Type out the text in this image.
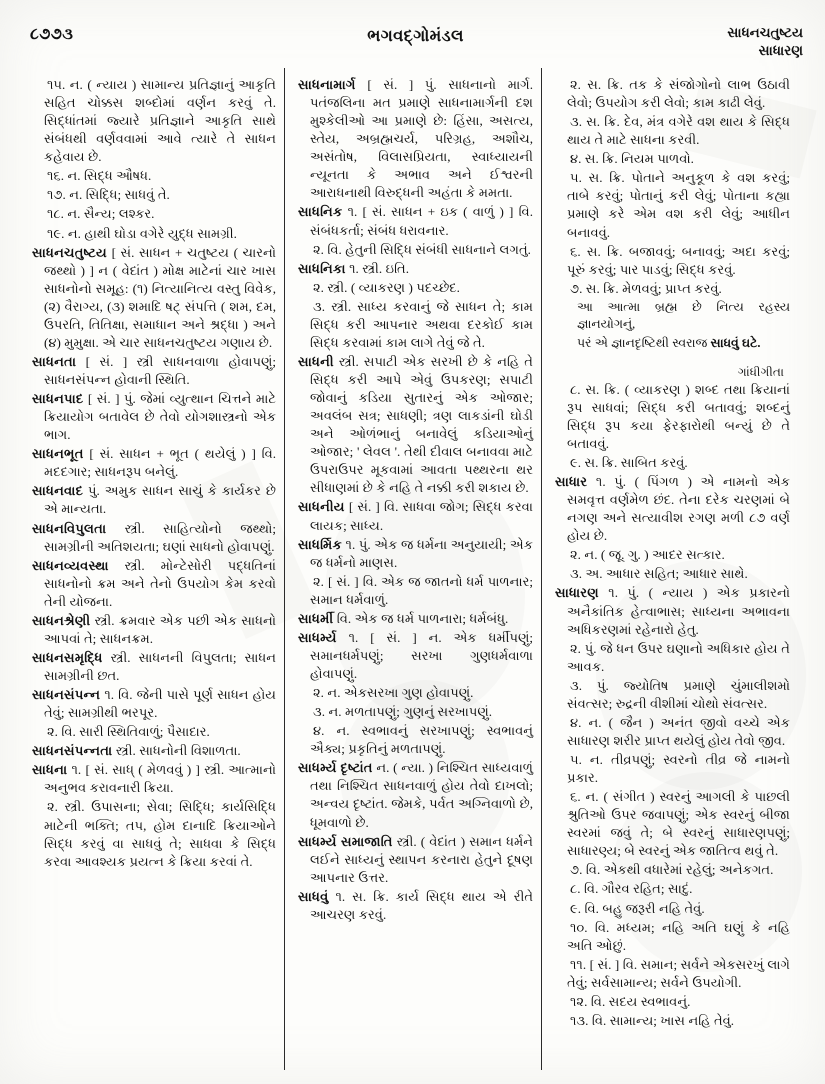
૮૭૭૩	ભગવદ્ગોમંડલ	સાધનચતુષ્ટય
સાધારણ

૧૫. ન. ( ન્યાય ) સામાન્ય પ્રતિજ્ઞાનું આકૃતિ સહિત ચોક્કસ શબ્દોમાં વર્ણન કરવું તે. સિદ્ધાંતમાં જ્યારે પ્રતિજ્ઞાને આકૃતિ સાથે સંબંધથી વર્ણવવામાં આવે ત્યારે તે સાધન કહેવાય છે.

૧૬. ન. સિદ્ધ ઔષધ.

૧૭. ન. સિદ્ધિ; સાધવું તે.

૧૮. ન. સૈન્ય; લશ્કર.

૧૯. ન. હાથી ઘોડા વગેરે યુદ્ધ સામગ્રી.

સાધનચતુષ્ટય [ સં. સાધન + ચતુષ્ટય ( ચારનો જથ્થો ) ] ન ( વેદાંત ) મોક્ષ માટેનાં ચાર ખાસ સાધનોનો સમૂહ: (૧) નિત્યાનિત્ય વસ્તુ વિવેક, (૨) વૈરાગ્ય, (૩) શમાદિ ષટ્ સંપત્તિ ( શમ, દમ, ઉપરતિ, તિતિક્ષા, સમાધાન અને શ્રદ્ધા ) અને (૪) મુમુક્ષા. એ ચાર સાધનચતુષ્ટય ગણાય છે.

સાધનતા [ સં. ] સ્ત્રી સાધનવાળા હોવાપણું; સાધનસંપન્ન હોવાની સ્થિતિ.

સાધનપાદ [ સં. ] પું. જેમાં વ્યુત્થાન ચિત્તને માટે ક્રિયાયોગ બતાવેલ છે તેવો યોગશાસ્ત્રનો એક ભાગ.

સાધનભૂત [ સં. સાધન + ભૂત ( થયેલું ) ] વિ. મદદગાર; સાધનરૂપ બનેલું.

સાધનવાદ પું. અમુક સાધન સાચું કે કાર્યકર છે એ માન્યતા.

સાધનવિપુલતા સ્ત્રી. સાહિત્યોનો જથ્થો; સામગ્રીની અતિશયતા; ઘણાં સાધનો હોવાપણું.

સાધનવ્યવસ્થા સ્ત્રી. મોન્ટેસોરી પદ્ધતિનાં સાધનોનો ક્રમ અને તેનો ઉપયોગ કેમ કરવો તેની યોજના.

સાધનશ્રેણી સ્ત્રી. ક્રમવાર એક પછી એક સાધનો આપવાં તે; સાધનક્રમ.

સાધનસમૃદ્ધિ સ્ત્રી. સાધનની વિપુલતા; સાધન સામગ્રીની છત.

સાધનસંપન્ન ૧. વિ. જેની પાસે પૂર્ણ સાધન હોય તેવું; સામગ્રીથી ભરપૂર.

૨. વિ. સારી સ્થિતિવાળું; પૈસાદાર.

સાધનસંપન્નતા સ્ત્રી. સાધનોની વિશાળતા.

સાધના ૧. [ સં. સાધ્ ( મેળવવું ) ] સ્ત્રી. આત્માનો અનુભવ કરાવનારી ક્રિયા.

૨. સ્ત્રી. ઉપાસના; સેવા; સિદ્ધિ; કાર્યસિદ્ધિ માટેની ભક્તિ; તપ, હોમ દાનાદિ ક્રિયાઓને સિદ્ધ કરવું વા સાધવું તે; સાધવા કે સિદ્ધ કરવા આવશ્યક પ્રયત્ન કે ક્રિયા કરવાં તે.

સાધનામાર્ગ [ સં. ] પું. સાધનાનો માર્ગ. પતંજલિના મત પ્રમાણે સાધનામાર્ગની દશ મુશ્કેલીઓ આ પ્રમાણે છે: હિંસા, અસત્ય, સ્તેય, અબ્રહ્મચર્ય, પરિગ્રહ, અશૌચ, અસંતોષ, વિલાસપ્રિયતા, સ્વાધ્યાયની ન્યૂનતા કે અભાવ અને ઈશ્વરની આરાધનાથી વિરુદ્ધની અહંતા કે મમતા.

સાધનિક ૧. [ સં. સાધન + ઇક ( વાળું ) ] વિ. સંબંધકર્તા; સંબંધ ધરાવનાર.

૨. વિ. હેતુની સિદ્ધિ સંબંધી સાધનાને લગતું.

સાધનિકા ૧. સ્ત્રી. ઇતિ.

૨. સ્ત્રી. ( વ્યાકરણ ) પદચ્છેદ.

૩. સ્ત્રી. સાધ્ય કરવાનું જે સાધન તે; કામ સિદ્ધ કરી આપનાર અથવા દરકોઈ કામ સિદ્ધ કરવામાં કામ લાગે તેવું જે તે.

સાધની સ્ત્રી. સપાટી એક સરખી છે કે નહિ તે સિદ્ધ કરી આપે એવું ઉપકરણ; સપાટી જોવાનું કડિયા સુતારનું એક ઓજાર; અવલંબ સત્ર; સાધણી; ત્રણ લાકડાંની ઘોડી અને ઓળંભાનું બનાવેલું કડિયાઓનું ઓજાર; ' લેવલ '. તેથી દીવાલ બનાવવા માટે ઉપરાઉપર મૂકવામાં આવતા પથ્થરના થર સીધાણમાં છે કે નહિ તે નક્કી કરી શકાય છે.

સાધનીય [ સં. ] વિ. સાધવા જોગ; સિદ્ધ કરવા લાયક; સાધ્ય.

સાધર્મિક ૧. પું. એક જ ધર્મના અનુયાયી; એક જ ધર્મનો માણસ.

૨. [ સં. ] વિ. એક જ જાતનો ધર્મ પાળનાર; સમાન ધર્મવાળું.

સાધર્મી વિ. એક જ ધર્મ પાળનારા; ધર્મબંધુ.

સાધર્મ્ય ૧. [ સં. ] ન. એક ધર્મીપણું; સમાનધર્મપણું; સરખા ગુણધર્મવાળા હોવાપણું.

૨. ન. એકસરખા ગુણ હોવાપણું.

૩. ન. મળતાપણું; ગુણનું સરખાપણું.

૪. ન. સ્વભાવનું સરખાપણું; સ્વભાવનું ઐક્ય; પ્રકૃતિનું મળતાપણું.

સાધર્મ્ય દૃષ્ટાંત ન. ( ન્યા. ) નિશ્ચિત સાધ્યવાળું તથા નિશ્ચિત સાધનવાળું હોય તેવો દાખલો; અન્વય દૃષ્ટાંત. જેમકે, પર્વત અગ્નિવાળો છે, ધૂમવાળો છે.

સાધર્મ્ય સમાજાતિ સ્ત્રી. ( વેદાંત ) સમાન ધર્મને લઈને સાધ્યનું સ્થાપન કરનારા હેતુને દૂષણ આપનાર ઉત્તર.

સાધવું ૧. સ. ક્રિ. કાર્ય સિદ્ધ થાય એ રીતે આચરણ કરવું.

૨. સ. ક્રિ. તક કે સંજોગોનો લાભ ઉઠાવી લેવો; ઉપયોગ કરી લેવો; કામ કાઢી લેવું.

૩. સ. ક્રિ. દેવ, મંત્ર વગેરે વશ થાય કે સિદ્ધ થાય તે માટે સાધના કરવી.

૪. સ. ક્રિ. નિયમ પાળવો.

૫. સ. ક્રિ. પોતાને અનુકૂળ કે વશ કરવું; તાબે કરવું; પોતાનું કરી લેવું; પોતાના કહ્યા પ્રમાણે કરે એમ વશ કરી લેવું; આધીન બનાવવું.

૬. સ. ક્રિ. બજાવવું; બનાવવું; અદા કરવું; પૂરું કરવું; પાર પાડવું; સિદ્ધ કરવું.

૭. સ. ક્રિ. મેળવવું; પ્રાપ્ત કરવું.

આ આત્મા બ્રહ્મ છે નિત્ય રહસ્ય જ્ઞાનયોગનું,

પરં એ જ્ઞાનદૃષ્ટિથી સ્વરાજ સાધવું ઘટે.

ગાંધીગીતા

૮. સ. ક્રિ. ( વ્યાકરણ ) શબ્દ તથા ક્રિયાનાં રૂપ સાધવાં; સિદ્ધ કરી બતાવવું; શબ્દનું સિદ્ધ રૂપ કયા ફેરફારોથી બન્યું છે તે બતાવવું.

૯. સ. ક્રિ. સાબિત કરવું.

સાધાર ૧. પું. ( પિંગળ ) એ નામનો એક સમવૃત્ત વર્ણમેળ છંદ. તેના દરેક ચરણમાં બે નગણ અને સત્યાવીશ રગણ મળી ૮૭ વર્ણ હોય છે.

૨. ન. ( જૂ. ગુ. ) આદર સત્કાર.

૩. અ. આધાર સહિત; આધાર સાથે.

સાધારણ ૧. પું. ( ન્યાય ) એક પ્રકારનો અનૈકાંતિક હેત્વાભાસ; સાધ્યના અભાવના અધિકરણમાં રહેનારો હેતુ.

૨. પું. જે ધન ઉપર ઘણાનો અધિકાર હોય તે આવક.

૩. પું. જ્યોતિષ પ્રમાણે ચુંમાલીશમો સંવત્સર; રુદ્રની વીશીમાં ચોથો સંવત્સર.

૪. ન. ( જૈન ) અનંત જીવો વચ્ચે એક સાધારણ શરીર પ્રાપ્ત થયેલું હોય તેવો જીવ.

૫. ન. તીવ્રપણું; સ્વરનો તીવ્ર જે નામનો પ્રકાર.

૬. ન. ( સંગીત ) સ્વરનું આગલી કે પાછલી શ્રુતિઓ ઉપર જવાપણું; એક સ્વરનું બીજા સ્વરમાં જવું તે; બે સ્વરનું સાધારણપણું; સાધારણ્ય; બે સ્વરનું એક જાતિત્વ થવું તે.

૭. વિ. એકથી વધારેમાં રહેલું; અનેકગત.

૮. વિ. ગૌરવ રહિત; સાદું.

૯. વિ. બહુ જરૂરી નહિ તેવું.

૧૦. વિ. મધ્યમ; નહિ અતિ ઘણું કે નહિ અતિ ઓછું.

૧૧. [ સં. ] વિ. સમાન; સર્વને એકસરખું લાગે તેવું; સર્વસામાન્ય; સર્વને ઉપયોગી.

૧૨. વિ. સદય સ્વભાવનું.

૧૩. વિ. સામાન્ય; ખાસ નહિ તેવું.
